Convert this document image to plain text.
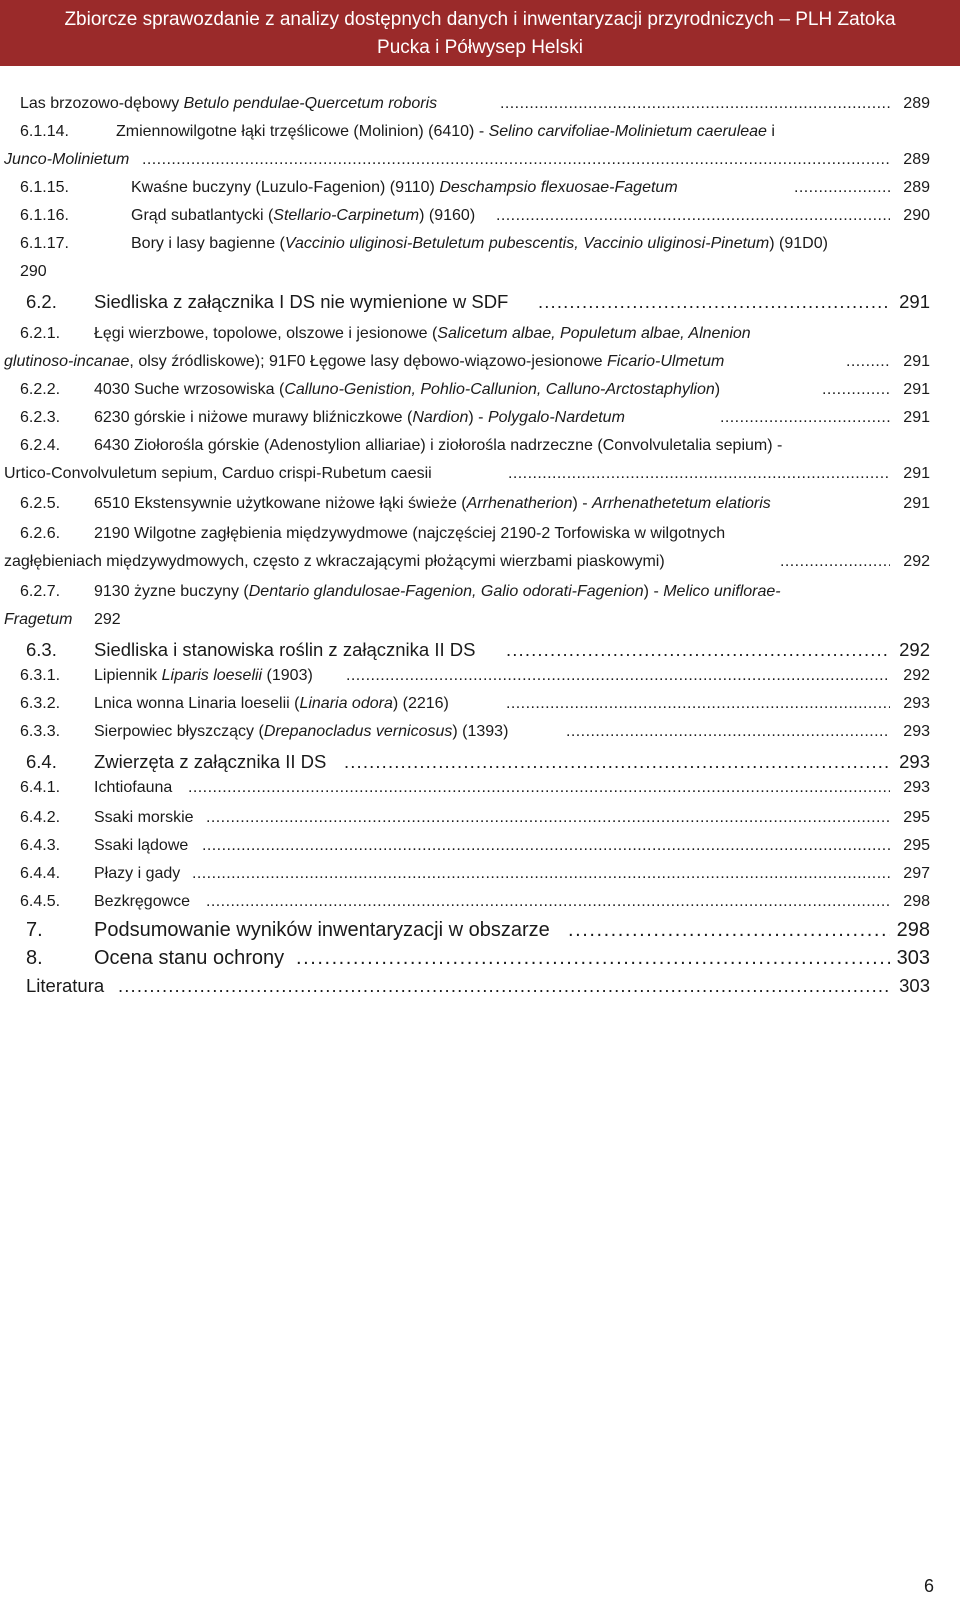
Zbiorcze sprawozdanie z analizy dostępnych danych i inwentaryzacji przyrodniczych – PLH Zatoka
Pucka i Półwysep Helski
Las brzozowo-dębowy Betulo pendulae-Quercetum roboris . . .	289
6.1.14.	Zmiennowilgotne łąki trzęślicowe (Molinion) (6410) - Selino carvifoliae-Molinietum caeruleae i
Junco-Molinietum . . .	289
6.1.15.	Kwaśne buczyny (Luzulo-Fagenion) (9110) Deschampsio flexuosae-Fagetum . . .	289
6.1.16.	Grąd subatlantycki (Stellario-Carpinetum) (9160) . . .	290
6.1.17.	Bory i lasy bagienne (Vaccinio uliginosi-Betuletum pubescentis, Vaccinio uliginosi-Pinetum) (91D0)
290
6.2. Siedliska z załącznika I DS nie wymienione w SDF . . .	291
6.2.1. Łęgi wierzbowe, topolowe, olszowe i jesionowe (Salicetum albae, Populetum albae, Alnenion
glutinoso-incanae, olsy źródliskowe); 91F0 Łęgowe lasy dębowo-wiązowo-jesionowe Ficario-Ulmetum . . .	291
6.2.2. 4030 Suche wrzosowiska (Calluno-Genistion, Pohlio-Callunion, Calluno-Arctostaphylion) . . .	291
6.2.3. 6230 górskie i niżowe murawy bliźniczkowe (Nardion) - Polygalo-Nardetum . . .	291
6.2.4. 6430 Ziołorośla górskie (Adenostylion alliariae) i ziołorośla nadrzeczne (Convolvuletalia sepium) -
Urtico-Convolvuletum sepium, Carduo crispi-Rubetum caesii . . .	291
6.2.5. 6510 Ekstensywnie użytkowane niżowe łąki świeże (Arrhenatherion) - Arrhenathetetum elatioris	291
6.2.6. 2190 Wilgotne zagłębienia międzywydmowe (najczęściej 2190-2 Torfowiska w wilgotnych
zagłębieniach międzywydmowych, często z wkraczającymi płożącymi wierzbami piaskowymi) . . .	292
6.2.7. 9130 żyzne buczyny (Dentario glandulosae-Fagenion, Galio odorati-Fagenion) - Melico uniflorae-
Fragetum 292
6.3. Siedliska i stanowiska roślin z załącznika II DS . . .	292
6.3.1. Lipiennik Liparis loeselii (1903) . . .	292
6.3.2. Lnica wonna Linaria loeselii (Linaria odora) (2216) . . .	293
6.3.3. Sierpowiec błyszczący (Drepanocladus vernicosus) (1393) . . .	293
6.4. Zwierzęta z załącznika II DS . . .	293
6.4.1. Ichtiofauna . . .	293
6.4.2. Ssaki morskie . . .	295
6.4.3. Ssaki lądowe . . .	295
6.4.4. Płazy i gady . . .	297
6.4.5. Bezkręgowce . . .	298
7.	Podsumowanie wyników inwentaryzacji w obszarze . . .	298
8.	Ocena stanu ochrony . . .	303
Literatura . . .	303
6
